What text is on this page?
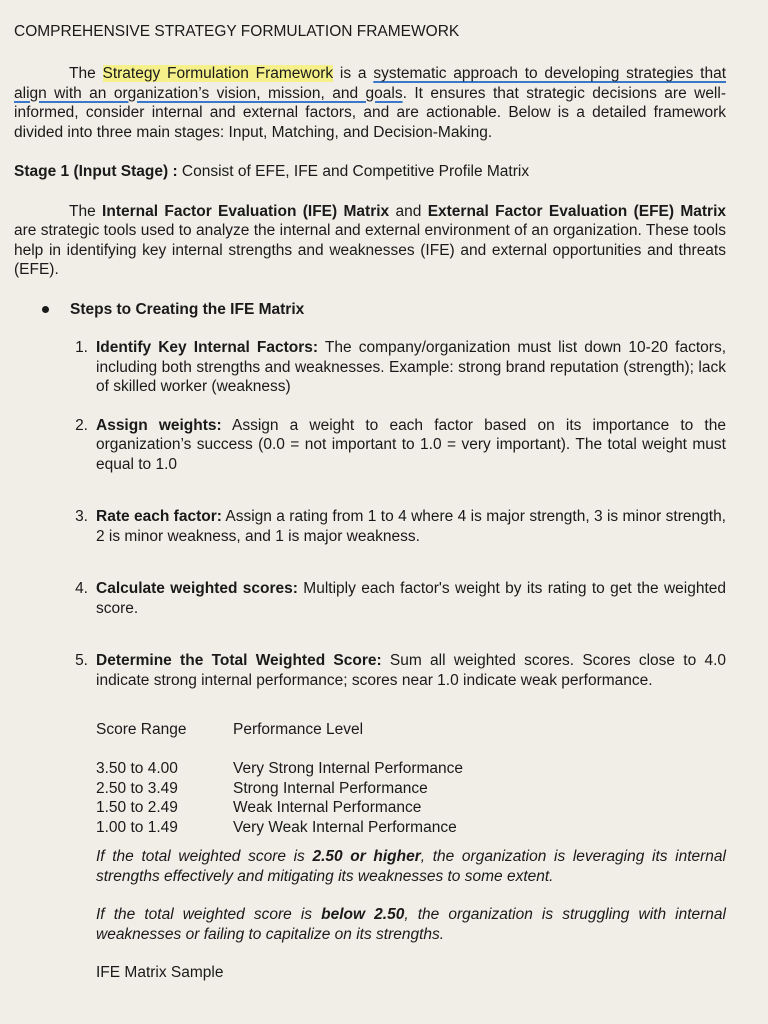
COMPREHENSIVE STRATEGY FORMULATION FRAMEWORK

The Strategy Formulation Framework is a systematic approach to developing strategies that align with an organization’s vision, mission, and goals. It ensures that strategic decisions are well-informed, consider internal and external factors, and are actionable. Below is a detailed framework divided into three main stages: Input, Matching, and Decision-Making.

Stage 1 (Input Stage) : Consist of EFE, IFE and Competitive Profile Matrix

The Internal Factor Evaluation (IFE) Matrix and External Factor Evaluation (EFE) Matrix are strategic tools used to analyze the internal and external environment of an organization. These tools help in identifying key internal strengths and weaknesses (IFE) and external opportunities and threats (EFE).

Steps to Creating the IFE Matrix
1. Identify Key Internal Factors: The company/organization must list down 10-20 factors, including both strengths and weaknesses. Example: strong brand reputation (strength); lack of skilled worker (weakness)
2. Assign weights: Assign a weight to each factor based on its importance to the organization’s success (0.0 = not important to 1.0 = very important). The total weight must equal to 1.0
3. Rate each factor: Assign a rating from 1 to 4 where 4 is major strength, 3 is minor strength, 2 is minor weakness, and 1 is major weakness.
4. Calculate weighted scores: Multiply each factor's weight by its rating to get the weighted score.
5. Determine the Total Weighted Score: Sum all weighted scores. Scores close to 4.0 indicate strong internal performance; scores near 1.0 indicate weak performance.
Score Range	Performance Level
3.50 to 4.00	Very Strong Internal Performance
2.50 to 3.49	Strong Internal Performance
1.50 to 2.49	Weak Internal Performance
1.00 to 1.49	Very Weak Internal Performance

If the total weighted score is 2.50 or higher, the organization is leveraging its internal strengths effectively and mitigating its weaknesses to some extent.

If the total weighted score is below 2.50, the organization is struggling with internal weaknesses or failing to capitalize on its strengths.

IFE Matrix Sample
